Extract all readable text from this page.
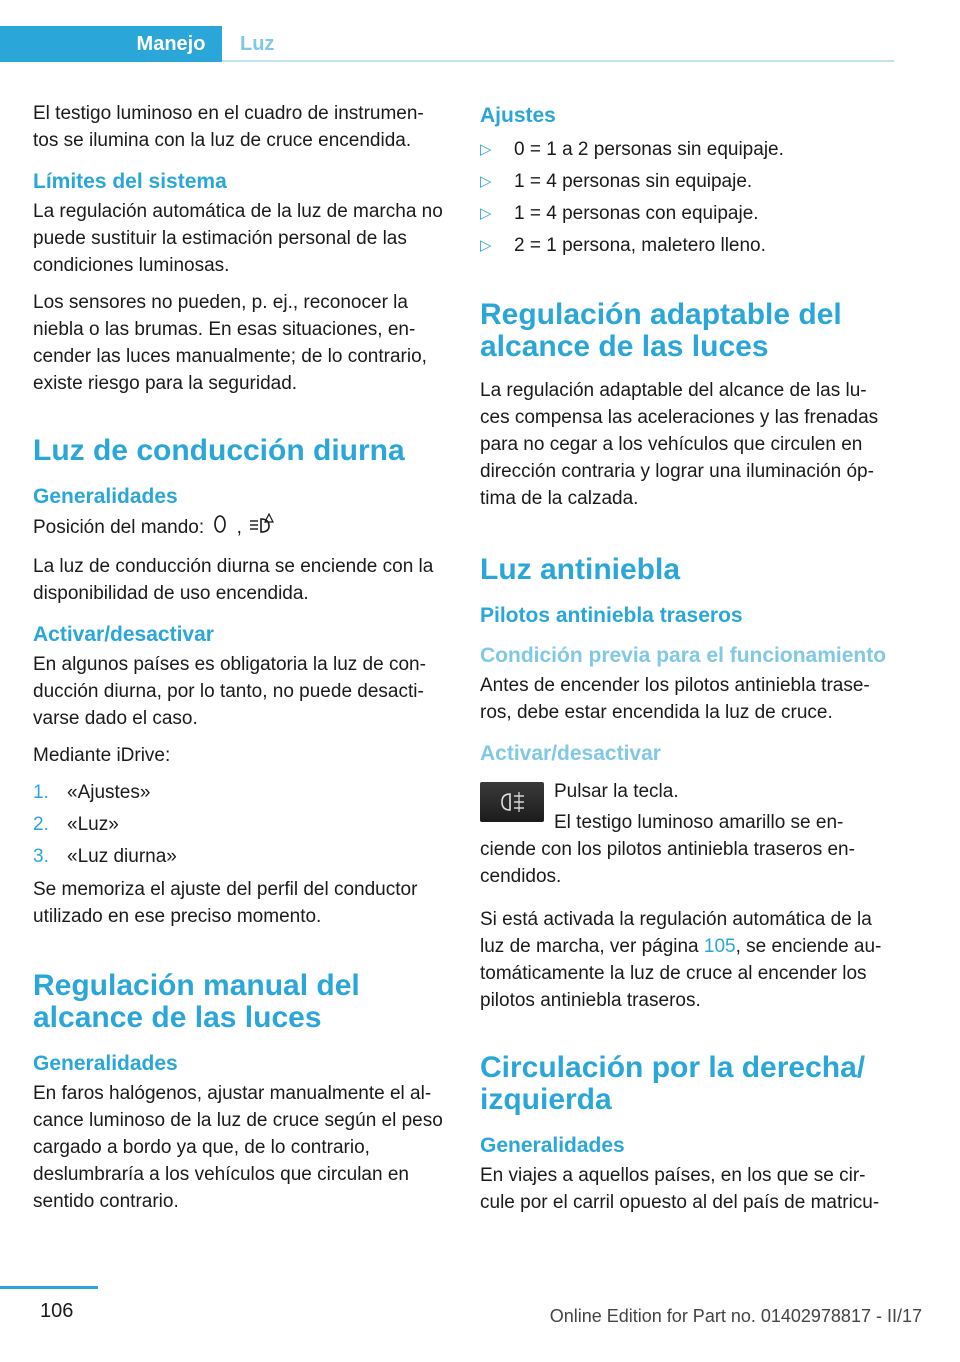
Manejo	Luz

El testigo luminoso en el cuadro de instrumen‐tos se ilumina con la luz de cruce encendida.

Límites del sistema

La regulación automática de la luz de marcha no puede sustituir la estimación personal de las condiciones luminosas.

Los sensores no pueden, p. ej., reconocer la niebla o las brumas. En esas situaciones, en‐cender las luces manualmente; de lo contrario, existe riesgo para la seguridad.

Luz de conducción diurna
Generalidades

Posición del mando: ,

La luz de conducción diurna se enciende con la disponibilidad de uso encendida.

Activar/desactivar

En algunos países es obligatoria la luz de con‐ducción diurna, por lo tanto, no puede desacti‐varse dado el caso.

Mediante iDrive:

1. «Ajustes»
2. «Luz»
3. «Luz diurna»

Se memoriza el ajuste del perfil del conductor utilizado en ese preciso momento.

Regulación manual del alcance de las luces
Generalidades

En faros halógenos, ajustar manualmente el al‐cance luminoso de la luz de cruce según el peso cargado a bordo ya que, de lo contrario, deslumbraría a los vehículos que circulan en sentido contrario.

Ajustes
▷ 0 = 1 a 2 personas sin equipaje.
▷ 1 = 4 personas sin equipaje.
▷ 1 = 4 personas con equipaje.
▷ 2 = 1 persona, maletero lleno.
Regulación adaptable del alcance de las luces

La regulación adaptable del alcance de las lu‐ces compensa las aceleraciones y las frenadas para no cegar a los vehículos que circulen en dirección contraria y lograr una iluminación óp‐tima de la calzada.

Luz antiniebla
Pilotos antiniebla traseros
Condición previa para el funcionamiento

Antes de encender los pilotos antiniebla trase‐ros, debe estar encendida la luz de cruce.

Activar/desactivar

Pulsar la tecla.

El testigo luminoso amarillo se en‐ciende con los pilotos antiniebla traseros en‐cendidos.

Si está activada la regulación automática de la luz de marcha, ver página 105, se enciende au‐tomáticamente la luz de cruce al encender los pilotos antiniebla traseros.

Circulación por la derecha/ izquierda
Generalidades

En viajes a aquellos países, en los que se cir‐cule por el carril opuesto al del país de matricu‐

106	Online Edition for Part no. 01402978817 - II/17
